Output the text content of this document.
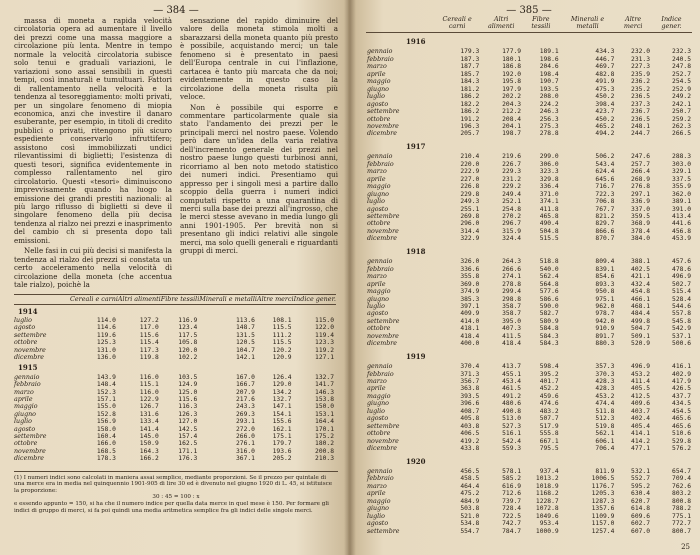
— 384 —

massa di moneta a rapida velocità circolatoria opera ad aumentare il livello dei prezzi come una massa maggiore a circolazione più lenta. Mentre in tempo normale la velocità circolatoria subisce solo tenui e graduali variazioni, le variazioni sono assai sensibili in questi tempi, così innaturali e tumultuari. Fattori di rallentamento nella velocità e la tendenza al tesoreggiamento: molti privati, per un singolare fenomeno di miopia economica, anzi che investire il danaro esuberante, per esempio, in titoli di credito pubblici o privati, ritengono più sicuro espediente conservarlo infruttifero; assistono così immobilizzati undici rilevantissimi di biglietti; l'esistenza di questi tesori, significa evidentemente in complesso rallentamento nel giro circolatorio. Questi «tesori» diminuiscono imprevvisamente quando ha luogo la emissione dei grandi prestiti nazionali: al più largo riflusso di biglietti si deve il singolare fenomeno della più decisa tendenza al rialzo nei prezzi e inasprimento del cambio ch si presenta dopo tali emissioni.

Nelle fasi in cui più decisi si manifesta la tendenza al rialzo dei prezzi si constata un certo acceleramento nella velocità di circolazione della moneta (che accentua tale rialzo), poichè la

sensazione del rapido diminuire del valore della moneta stimola molti a sbarazzarsi della moneta quanto più presto è possibile, acquistando merci; un tale fenomeno si è presentato in paesi dell'Europa centrale in cui l'inflazione, cartacea è tanto più marcata che da noi; evidentemente in questo caso la circolazione della moneta risulta più veloce.

Non è possibile qui esporre e commentare particolarmente quale sia stato l'andamento dei prezzi per le principali merci nel nostro paese. Volendo però dare un'idea della varia relativa dell'incremento generale dei prezzi nel nostro paese lungo questi turbinosi anni, ricorriamo al ben noto metodo statistico dei numeri indici. Presentiamo qui appresso per i singoli mesi a partire dallo scoppio della guerra i numeri indici computati rispetto a una quarantina di merci sulla base dei prezzi all'ingrosso, che le merci stesse avevano in media lungo gli anni 1901-1905. Per brevità non si presentano gli indici relativi alle singole merci, ma solo quelli generali e riguardanti gruppi di merci.

	Cereali e carni	Altri alimenti	Fibre tessili	Minerali e metalli	Altre merci	Indice gener.
1914						
luglio	114.0	127.2	116.9	113.6	108.1	115.0
agosto	114.6	117.0	123.4	148.7	115.5	122.0
settembre	119.6	115.6	117.5	131.5	111.2	119.4
ottobre	125.3	115.4	105.8	120.5	115.5	123.3
novembre	131.0	117.3	120.0	104.7	120.2	119.2
dicembre	136.0	119.8	102.2	142.1	120.9	127.1
1915						
gennaio	143.9	116.0	103.5	167.0	126.4	132.7
febbraio	148.4	115.1	124.9	166.7	129.0	141.7
marzo	152.3	116.0	125.0	207.9	134.2	146.3
aprile	157.1	122.9	115.6	217.6	132.7	153.8
maggio	155.0	126.7	116.3	243.3	147.1	150.0
giugno	152.8	131.6	126.3	269.3	154.1	153.1
luglio	156.9	133.4	127.0	293.1	155.6	164.4
agosto	158.0	141.4	142.5	272.0	162.1	170.1
settembre	160.4	145.0	157.4	266.0	175.1	175.2
ottobre	166.0	150.9	162.5	276.1	179.7	180.2
novembre	168.5	164.3	171.1	316.0	193.6	200.8
dicembre	178.3	166.2	176.3	367.1	205.2	210.3
(1) I numeri indici sono calcolati in maniera assai semplice, mediante proporzioni. Se il prezzo per quintale di una merce era in media nel quinquennio 1901-905 di lire 30 ed è divenuto nel giugno 1920 di L. 45, si istituisce la proporzione:
30 : 45 = 100 : x
e essendo appunto = 150, si ha che il numero indice per quella data merce in quel mese è 150. Per formare gli indici di gruppo di merci, si fa poi quindi una media aritmetica semplice fra gli indici delle singole merci.
— 385 —
	Cereali e carni	Altri alimenti	Fibre tessili	Minerali e metalli	Altre merci	Indice gener.
1916						
gennaio	179.3	177.9	189.1	434.3	232.0	232.3
febbraio	187.3	180.1	198.6	446.7	231.3	240.5
marzo	187.7	186.8	204.6	469.7	227.3	247.8
aprile	185.7	192.0	198.4	482.8	235.9	252.7
maggio	184.3	195.8	190.7	491.9	236.2	254.5
giugno	181.2	197.9	193.5	475.3	235.2	252.9
luglio	186.2	202.2	208.0	450.2	236.5	249.2
agosto	182.2	204.3	224.2	398.4	237.3	242.1
settembre	186.2	212.2	246.3	423.7	236.7	250.7
ottobre	191.2	208.4	256.3	450.2	236.5	259.2
novembre	196.3	204.1	275.3	465.2	248.1	262.3
dicembre	205.7	198.7	278.8	494.2	244.7	266.5
1917						
gennaio	210.4	219.6	299.0	506.2	247.6	288.3
febbraio	220.0	226.7	306.0	543.4	257.7	303.0
marzo	222.9	229.3	323.3	624.4	266.4	329.1
aprile	227.0	231.2	329.8	645.6	268.9	337.5
maggio	226.8	229.2	336.4	716.7	276.8	355.9
giugno	229.8	249.4	371.0	722.3	297.1	362.0
luglio	249.3	252.1	374.1	706.8	336.9	389.1
agosto	255.1	254.8	411.8	767.7	337.0	391.0
settembre	269.8	270.2	465.8	821.2	359.5	413.4
ottobre	296.0	296.7	490.4	829.7	368.9	441.6
novembre	314.4	315.9	504.8	866.6	378.4	456.8
dicembre	322.9	324.4	515.5	870.7	384.0	453.9
1918						
gennaio	326.0	264.3	518.8	809.4	388.1	457.6
febbraio	336.6	266.6	540.0	839.1	402.5	478.6
marzo	355.8	274.1	562.4	854.6	421.1	496.9
aprile	369.0	278.8	564.8	893.3	432.4	502.7
maggio	374.9	299.4	577.6	950.8	454.8	515.4
giugno	385.3	298.8	586.6	975.1	466.1	528.4
luglio	397.1	358.7	590.0	962.0	468.1	544.6
agosto	409.9	358.7	582.7	978.7	484.4	557.8
settembre	414.0	395.0	580.9	942.0	499.8	545.8
ottobre	418.1	407.3	584.8	910.9	504.7	542.9
novembre	418.4	411.5	584.3	891.7	509.1	537.1
dicembre	400.0	418.4	584.3	880.3	520.9	500.6
1919						
gennaio	370.4	413.7	598.4	357.3	496.9	416.1
febbraio	371.3	455.1	395.2	370.3	453.2	402.9
marzo	356.7	453.4	401.7	428.3	411.4	417.9
aprile	363.8	461.5	452.2	428.3	405.5	426.5
maggio	393.5	491.2	459.6	453.2	412.5	437.7
giugno	396.6	480.6	474.6	474.4	409.6	434.5
luglio	408.7	490.8	483.2	511.8	403.7	454.5
agosto	405.8	513.0	507.7	512.3	402.4	465.6
settembre	403.8	527.3	517.9	519.8	405.4	465.6
ottobre	406.5	516.1	555.8	562.1	414.1	510.6
novembre	419.2	542.4	667.1	606.1	414.2	529.8
dicembre	433.8	559.3	795.5	706.4	477.1	576.2
1920						
gennaio	456.5	578.1	937.4	811.9	532.1	654.7
febbraio	458.5	585.2	1013.2	1006.5	552.7	709.4
marzo	464.4	616.9	1018.9	1176.7	595.2	762.6
aprile	475.2	712.6	1168.2	1205.3	630.4	803.2
maggio	484.9	739.7	1228.7	1287.3	620.7	800.8
giugno	503.8	728.4	1072.8	1357.6	614.8	788.2
luglio	521.0	722.5	1049.6	1109.9	609.6	775.1
agosto	534.8	742.7	953.4	1157.0	602.7	772.7
settembre	554.7	784.7	1000.9	1257.4	607.0	800.7
25
